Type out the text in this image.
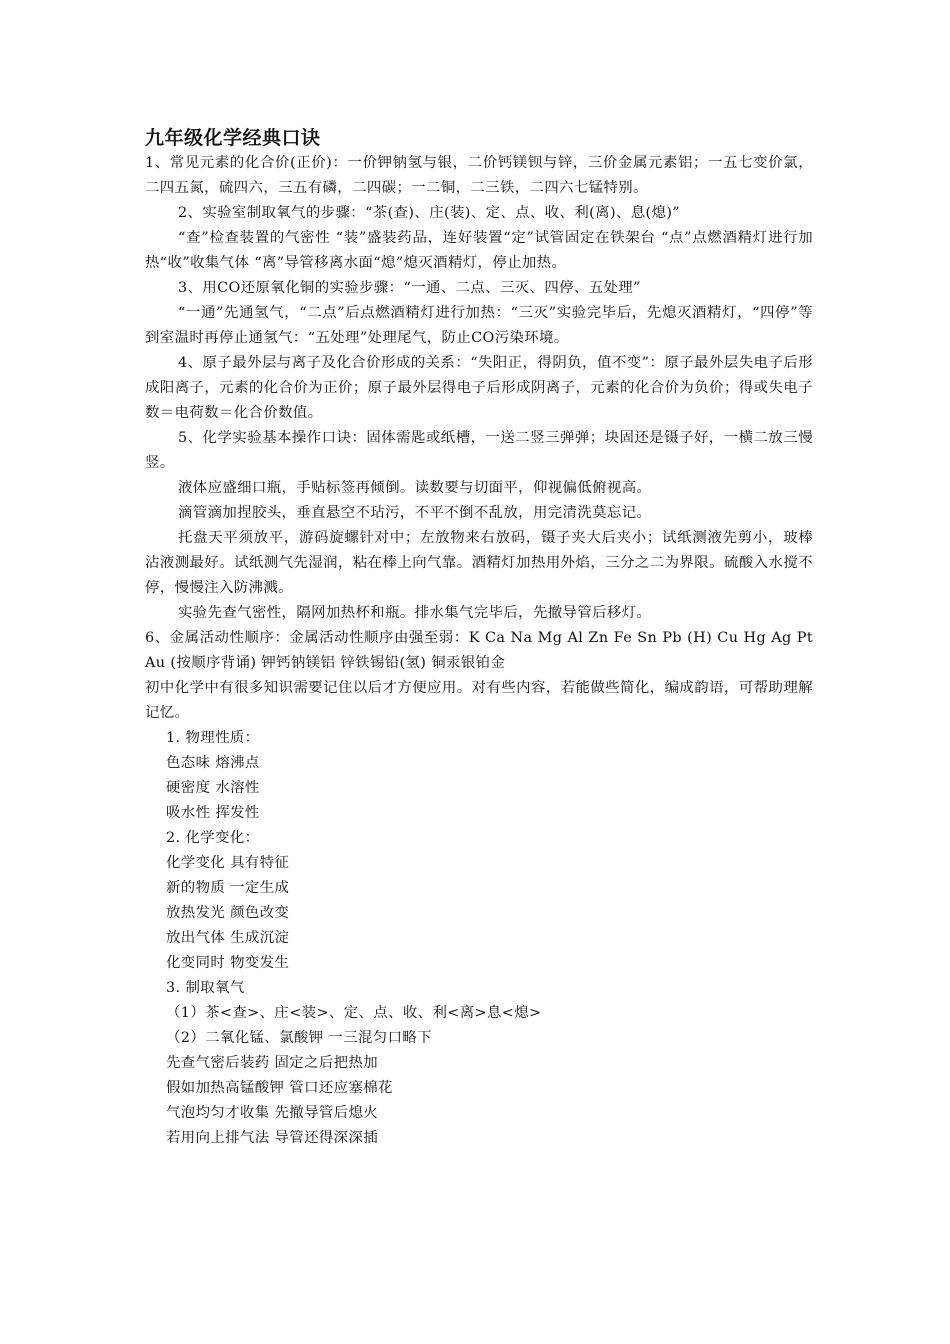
九年级化学经典口诀

1、常见元素的化合价(正价)：一价钾钠氢与银，二价钙镁钡与锌，三价金属元素铝；一五七变价氯，二四五氮，硫四六，三五有磷，二四碳；一二铜，二三铁，二四六七锰特别。

2、实验室制取氧气的步骤：“茶(查)、庄(装)、定、点、收、利(离)、息(熄)”

“查”检查装置的气密性 “装”盛装药品，连好装置“定”试管固定在铁架台 “点”点燃酒精灯进行加热“收”收集气体 “离”导管移离水面“熄”熄灭酒精灯，停止加热。

3、用CO还原氧化铜的实验步骤：“一通、二点、三灭、四停、五处理”

“一通”先通氢气，“二点”后点燃酒精灯进行加热：“三灭”实验完毕后，先熄灭酒精灯，“四停”等到室温时再停止通氢气：“五处理”处理尾气，防止CO污染环境。

4、原子最外层与离子及化合价形成的关系：“失阳正，得阴负，值不变”：原子最外层失电子后形成阳离子，元素的化合价为正价；原子最外层得电子后形成阴离子，元素的化合价为负价；得或失电子数＝电荷数＝化合价数值。

5、化学实验基本操作口诀：固体需匙或纸槽，一送二竖三弹弹；块固还是镊子好，一横二放三慢竖。

液体应盛细口瓶，手贴标签再倾倒。读数要与切面平，仰视偏低俯视高。

滴管滴加捏胶头，垂直悬空不玷污，不平不倒不乱放，用完清洗莫忘记。

托盘天平须放平，游码旋螺针对中；左放物来右放码，镊子夹大后夹小；试纸测液先剪小，玻棒沾液测最好。试纸测气先湿润，粘在棒上向气靠。酒精灯加热用外焰，三分之二为界限。硫酸入水搅不停，慢慢注入防沸溅。

实验先查气密性，隔网加热杯和瓶。排水集气完毕后，先撤导管后移灯。

6、金属活动性顺序：金属活动性顺序由强至弱：K Ca Na Mg Al Zn Fe Sn Pb (H) Cu Hg Ag Pt Au (按顺序背诵) 钾钙钠镁铝 锌铁锡铅(氢) 铜汞银铂金

初中化学中有很多知识需要记住以后才方便应用。对有些内容，若能做些简化，编成韵语，可帮助理解记忆。

1. 物理性质：
色态味 熔沸点
硬密度 水溶性
吸水性 挥发性
2. 化学变化：
化学变化 具有特征
新的物质 一定生成
放热发光 颜色改变
放出气体 生成沉淀
化变同时 物变发生
3. 制取氧气
（1）茶<查>、庄<装>、定、点、收、利<离>息<熄>
（2）二氧化锰、氯酸钾 一三混匀口略下
先查气密后装药 固定之后把热加
假如加热高锰酸钾 管口还应塞棉花
气泡均匀才收集 先撤导管后熄火
若用向上排气法 导管还得深深插
